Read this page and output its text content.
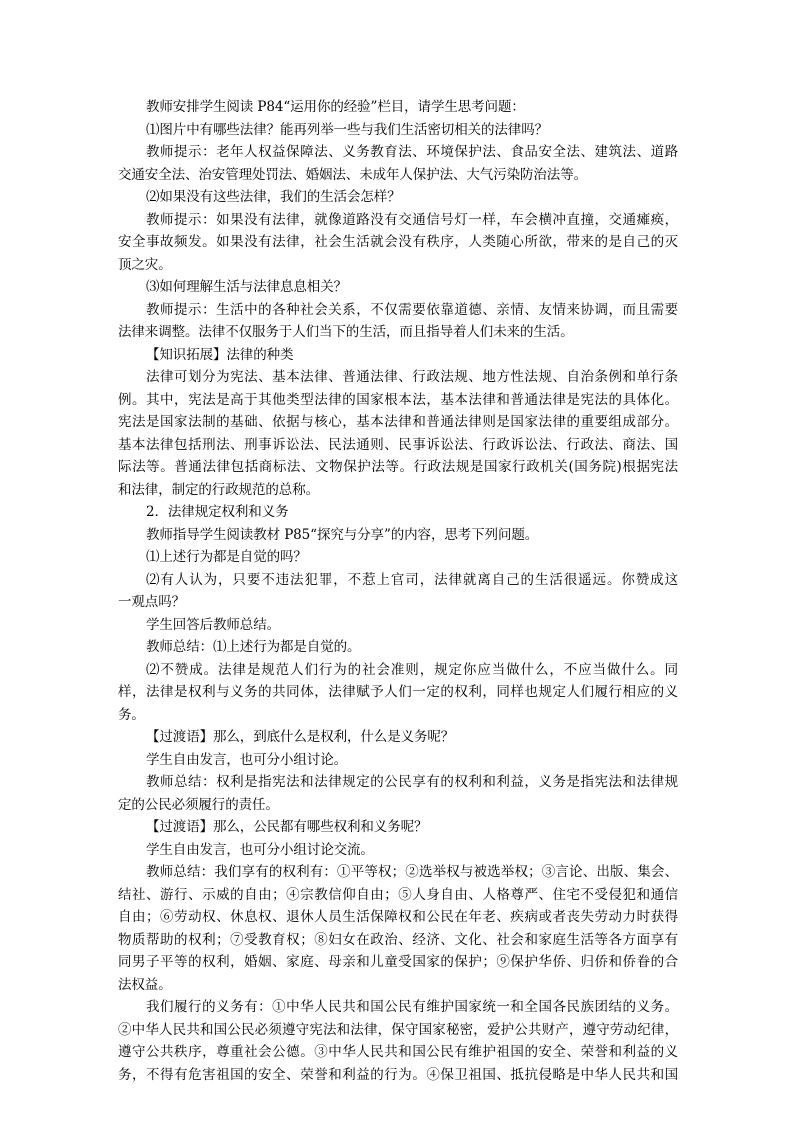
教师安排学生阅读 P84“运用你的经验”栏目，请学生思考问题：
⑴图片中有哪些法律？能再列举一些与我们生活密切相关的法律吗？
教师提示：老年人权益保障法、义务教育法、环境保护法、食品安全法、建筑法、道路
交通安全法、治安管理处罚法、婚姻法、未成年人保护法、大气污染防治法等。
⑵如果没有这些法律，我们的生活会怎样？
教师提示：如果没有法律，就像道路没有交通信号灯一样，车会横冲直撞，交通瘫痪，
安全事故频发。如果没有法律，社会生活就会没有秩序，人类随心所欲，带来的是自己的灭
顶之灾。
⑶如何理解生活与法律息息相关？
教师提示：生活中的各种社会关系，不仅需要依靠道德、亲情、友情来协调，而且需要
法律来调整。法律不仅服务于人们当下的生活，而且指导着人们未来的生活。
【知识拓展】法律的种类
法律可划分为宪法、基本法律、普通法律、行政法规、地方性法规、自治条例和单行条
例。其中，宪法是高于其他类型法律的国家根本法，基本法律和普通法律是宪法的具体化。
宪法是国家法制的基础、依据与核心，基本法律和普通法律则是国家法律的重要组成部分。
基本法律包括刑法、刑事诉讼法、民法通则、民事诉讼法、行政诉讼法、行政法、商法、国
际法等。普通法律包括商标法、文物保护法等。行政法规是国家行政机关(国务院)根据宪法
和法律，制定的行政规范的总称。
2．法律规定权利和义务
教师指导学生阅读教材 P85“探究与分享”的内容，思考下列问题。
⑴上述行为都是自觉的吗？
⑵有人认为，只要不违法犯罪，不惹上官司，法律就离自己的生活很遥远。你赞成这
一观点吗？
学生回答后教师总结。
教师总结：⑴上述行为都是自觉的。
⑵不赞成。法律是规范人们行为的社会准则，规定你应当做什么，不应当做什么。同
样，法律是权利与义务的共同体，法律赋予人们一定的权利，同样也规定人们履行相应的义
务。
【过渡语】那么，到底什么是权利，什么是义务呢？
学生自由发言，也可分小组讨论。
教师总结：权利是指宪法和法律规定的公民享有的权利和利益，义务是指宪法和法律规
定的公民必须履行的责任。
【过渡语】那么，公民都有哪些权利和义务呢？
学生自由发言，也可分小组讨论交流。
教师总结：我们享有的权利有：①平等权；②选举权与被选举权；③言论、出版、集会、
结社、游行、示威的自由；④宗教信仰自由；⑤人身自由、人格尊严、住宅不受侵犯和通信
自由；⑥劳动权、休息权、退休人员生活保障权和公民在年老、疾病或者丧失劳动力时获得
物质帮助的权利；⑦受教育权；⑧妇女在政治、经济、文化、社会和家庭生活等各方面享有
同男子平等的权利，婚姻、家庭、母亲和儿童受国家的保护；⑨保护华侨、归侨和侨眷的合
法权益。
我们履行的义务有：①中华人民共和国公民有维护国家统一和全国各民族团结的义务。
②中华人民共和国公民必须遵守宪法和法律，保守国家秘密，爱护公共财产，遵守劳动纪律，
遵守公共秩序，尊重社会公德。③中华人民共和国公民有维护祖国的安全、荣誉和利益的义
务，不得有危害祖国的安全、荣誉和利益的行为。④保卫祖国、抵抗侵略是中华人民共和国
